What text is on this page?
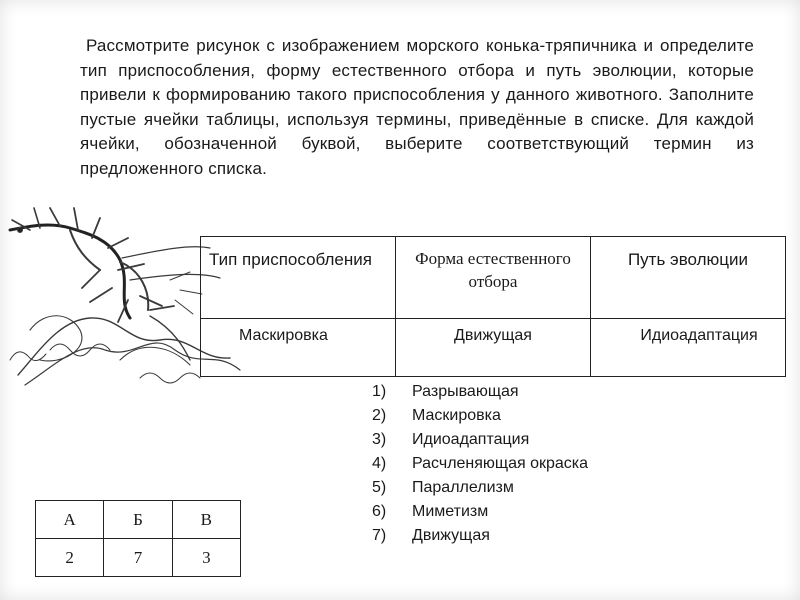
Рассмотрите рисунок с изображением морского конька-тряпичника и определите тип приспособления, форму естественного отбора и путь эволюции, которые привели к формированию такого приспособления у данного животного. Заполните пустые ячейки таблицы, используя термины, приведённые в списке. Для каждой ячейки, обозначенной буквой, выберите соответствующий термин из предложенного списка.

Тип приспособления	Форма естественного отбора	Путь эволюции

Маскировка	Движущая	Идиоадаптация
1)	Разрывающая
2)	Маскировка
3)	Идиоадаптация
4)	Расчленяющая окраска
5)	Параллелизм
6)	Миметизм
7)	Движущая
А	Б	В
2	7	3
